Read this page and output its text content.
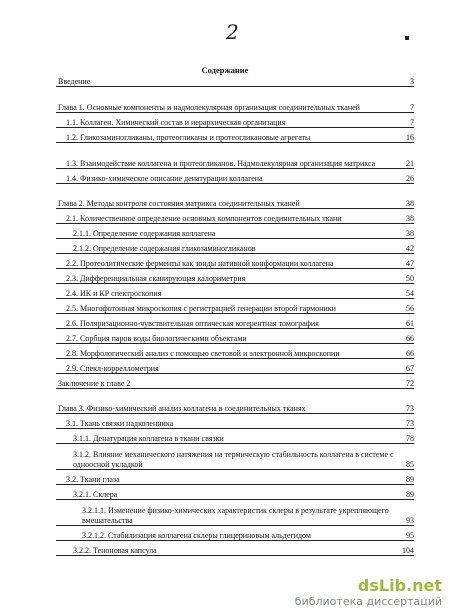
2
Содержание
Введение	3
Глава 1. Основные компоненты и надмолекулярная организация соединительных тканей	7
1.1. Коллаген. Химический состав и иерархическая организация	7
1.2. Гликозаминогликаны, протеогликаны и протеогликановые агрегаты	16
1.3. Взаимодействие коллагена и протеогликанов. Надмолекулярная организация матрикса	21
1.4. Физико-химическое описание денатурации коллагена	26
Глава 2. Методы контроля состояния матрикса соединительных тканей	38
2.1. Количественное определение основных компонентов соединительных ткани	38
2.1.1. Определение содержания коллагена	38
2.1.2. Определение содержания гликозаминогликанов	42
2.2. Протеолитические ферменты как зонды нативной конформации коллагена	47
2.3. Дифференциальная сканирующая калориметрия	50
2.4. ИК и КР спектроскопия	54
2.5. Многофотонная микроскопия с регистрацией генерации второй гармоники	56
2.6. Поляризационно-чувствительная оптическая когерентная томография	61
2.7. Сорбция паров воды биологическими объектами	66
2.8. Морфологический анализ с помощью световой и электронной микроскопии	66
2.9. Спекл-корреллометрия	67
Заключение к главе 2	72
Глава 3. Физико-химический анализ коллагена в соединительных тканях	73
3.1. Ткань связки надколенника	73
3.1.1. Денатурация коллагена в ткани связки	78
3.1.2. Влияние механического натяжения на термическую стабильность коллагена в системе с одноосной укладкой	85
3.2. Ткани глаза	89
3.2.1. Склера	89
3.2.1.1. Изменение физико-химических характеристик склеры в результате укрепляющего вмешательства	93
3.2.1.2. Стабилизация коллагена склеры глицериновым альдегидом	95
3.2.2. Теноновая капсула	104
dsLib.net
библиотека диссертаций
